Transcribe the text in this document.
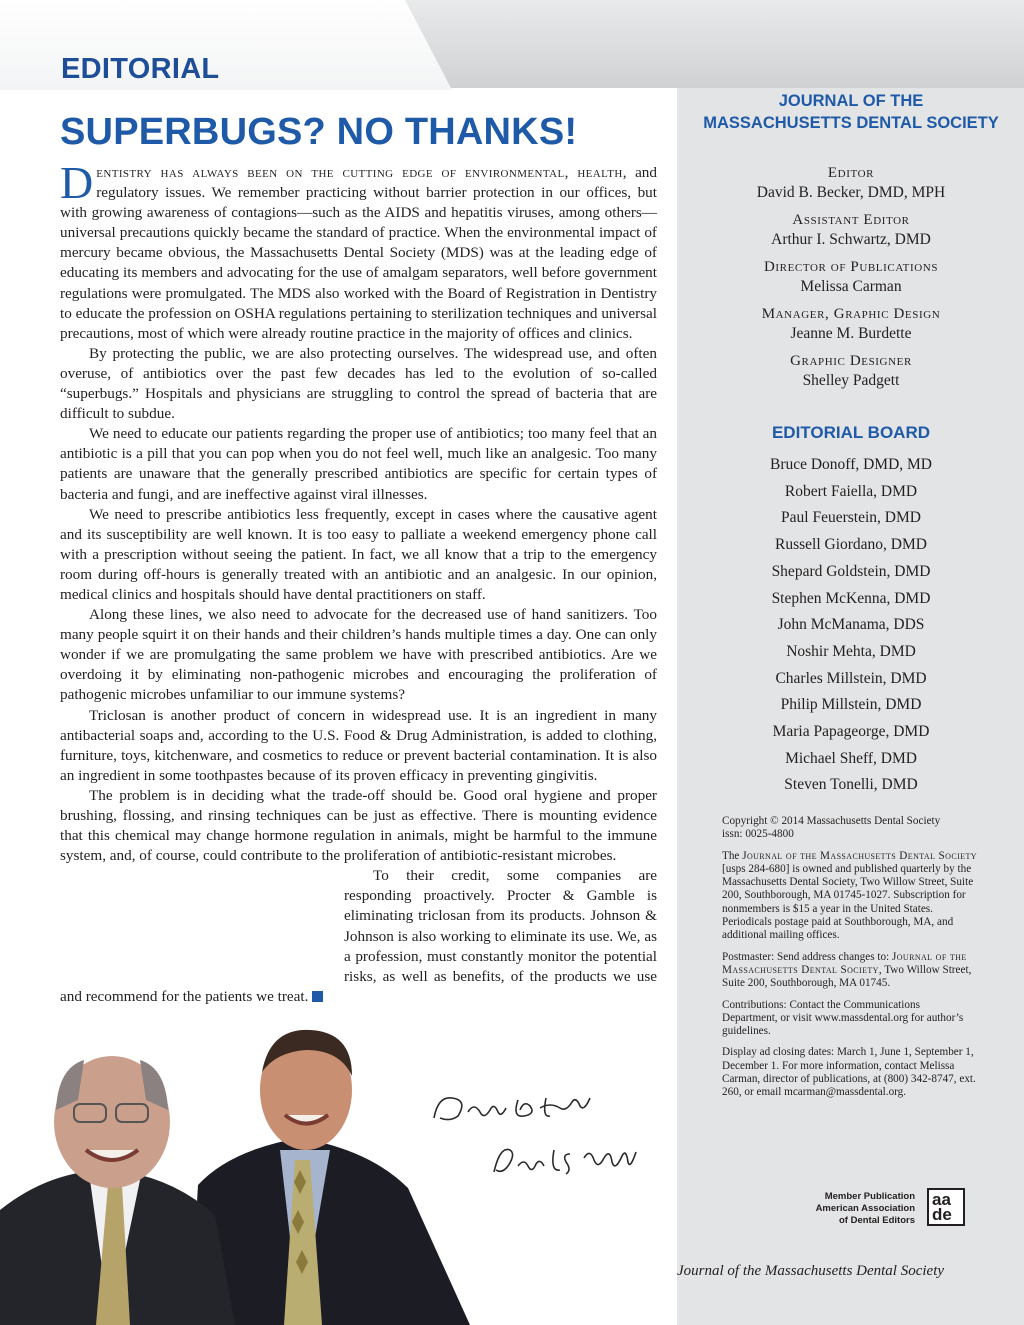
EDITORIAL
SUPERBUGS? NO THANKS!

Dentistry has always been on the cutting edge of environmental, health, and regulatory issues. We remember practicing without barrier protection in our offices, but with growing awareness of contagions—such as the AIDS and hepatitis viruses, among others—universal precautions quickly became the standard of practice. When the environmental impact of mercury became obvious, the Massachusetts Dental Society (MDS) was at the leading edge of educating its members and advocating for the use of amalgam separators, well before government regulations were promulgated. The MDS also worked with the Board of Registration in Dentistry to educate the profession on OSHA regulations pertaining to sterilization techniques and universal precautions, most of which were already routine practice in the majority of offices and clinics.

By protecting the public, we are also protecting ourselves. The widespread use, and often overuse, of antibiotics over the past few decades has led to the evolution of so-called “superbugs.” Hospitals and physicians are struggling to control the spread of bacteria that are difficult to subdue.

We need to educate our patients regarding the proper use of antibiotics; too many feel that an antibiotic is a pill that you can pop when you do not feel well, much like an analgesic. Too many patients are unaware that the generally prescribed antibiotics are specific for certain types of bacteria and fungi, and are ineffective against viral illnesses.

We need to prescribe antibiotics less frequently, except in cases where the causative agent and its susceptibility are well known. It is too easy to palliate a weekend emergency phone call with a prescription without seeing the patient. In fact, we all know that a trip to the emergency room during off-hours is generally treated with an antibiotic and an analgesic. In our opinion, medical clinics and hospitals should have dental practitioners on staff.

Along these lines, we also need to advocate for the decreased use of hand sanitizers. Too many people squirt it on their hands and their children’s hands multiple times a day. One can only wonder if we are promulgating the same problem we have with prescribed antibiotics. Are we overdoing it by eliminating non-pathogenic microbes and encouraging the proliferation of pathogenic microbes unfamiliar to our immune systems?

Triclosan is another product of concern in widespread use. It is an ingredient in many antibacterial soaps and, according to the U.S. Food & Drug Administration, is added to clothing, furniture, toys, kitchenware, and cosmetics to reduce or prevent bacterial contamination. It is also an ingredient in some toothpastes because of its proven efficacy in preventing gingivitis.

The problem is in deciding what the trade-off should be. Good oral hygiene and proper brushing, flossing, and rinsing techniques can be just as effective. There is mounting evidence that this chemical may change hormone regulation in animals, might be harmful to the immune system, and, of course, could contribute to the proliferation of antibiotic-resistant microbes.

To their credit, some companies are responding proactively. Procter & Gamble is eliminating triclosan from its products. Johnson & Johnson is also working to eliminate its use. We, as a profession, must constantly monitor the potential risks, as well as benefits, of the products we use and recommend for the patients we treat.

JOURNAL OF THE MASSACHUSETTS DENTAL SOCIETY
Editor
David B. Becker, DMD, MPH
Assistant Editor
Arthur I. Schwartz, DMD
Director of Publications
Melissa Carman
Manager, Graphic Design
Jeanne M. Burdette
Graphic Designer
Shelley Padgett
EDITORIAL BOARD
Bruce Donoff, DMD, MD
Robert Faiella, DMD
Paul Feuerstein, DMD
Russell Giordano, DMD
Shepard Goldstein, DMD
Stephen McKenna, DMD
John McManama, DDS
Noshir Mehta, DMD
Charles Millstein, DMD
Philip Millstein, DMD
Maria Papageorge, DMD
Michael Sheff, DMD
Steven Tonelli, DMD

Copyright © 2014 Massachusetts Dental Society
issn: 0025-4800

The Journal of the Massachusetts Dental Society [usps 284-680] is owned and published quarterly by the Massachusetts Dental Society, Two Willow Street, Suite 200, Southborough, MA 01745-1027. Subscription for nonmembers is $15 a year in the United States. Periodicals postage paid at Southborough, MA, and additional mailing offices.

Postmaster: Send address changes to: Journal of the Massachusetts Dental Society, Two Willow Street, Suite 200, Southborough, MA 01745.

Contributions: Contact the Communications Department, or visit www.massdental.org for author’s guidelines.

Display ad closing dates: March 1, June 1, September 1, December 1. For more information, contact Melissa Carman, director of publications, at (800) 342-8747, ext. 260, or email mcarman@massdental.org.

Member Publication
American Association
of Dental Editors
aa
de
Journal of the Massachusetts Dental Society
